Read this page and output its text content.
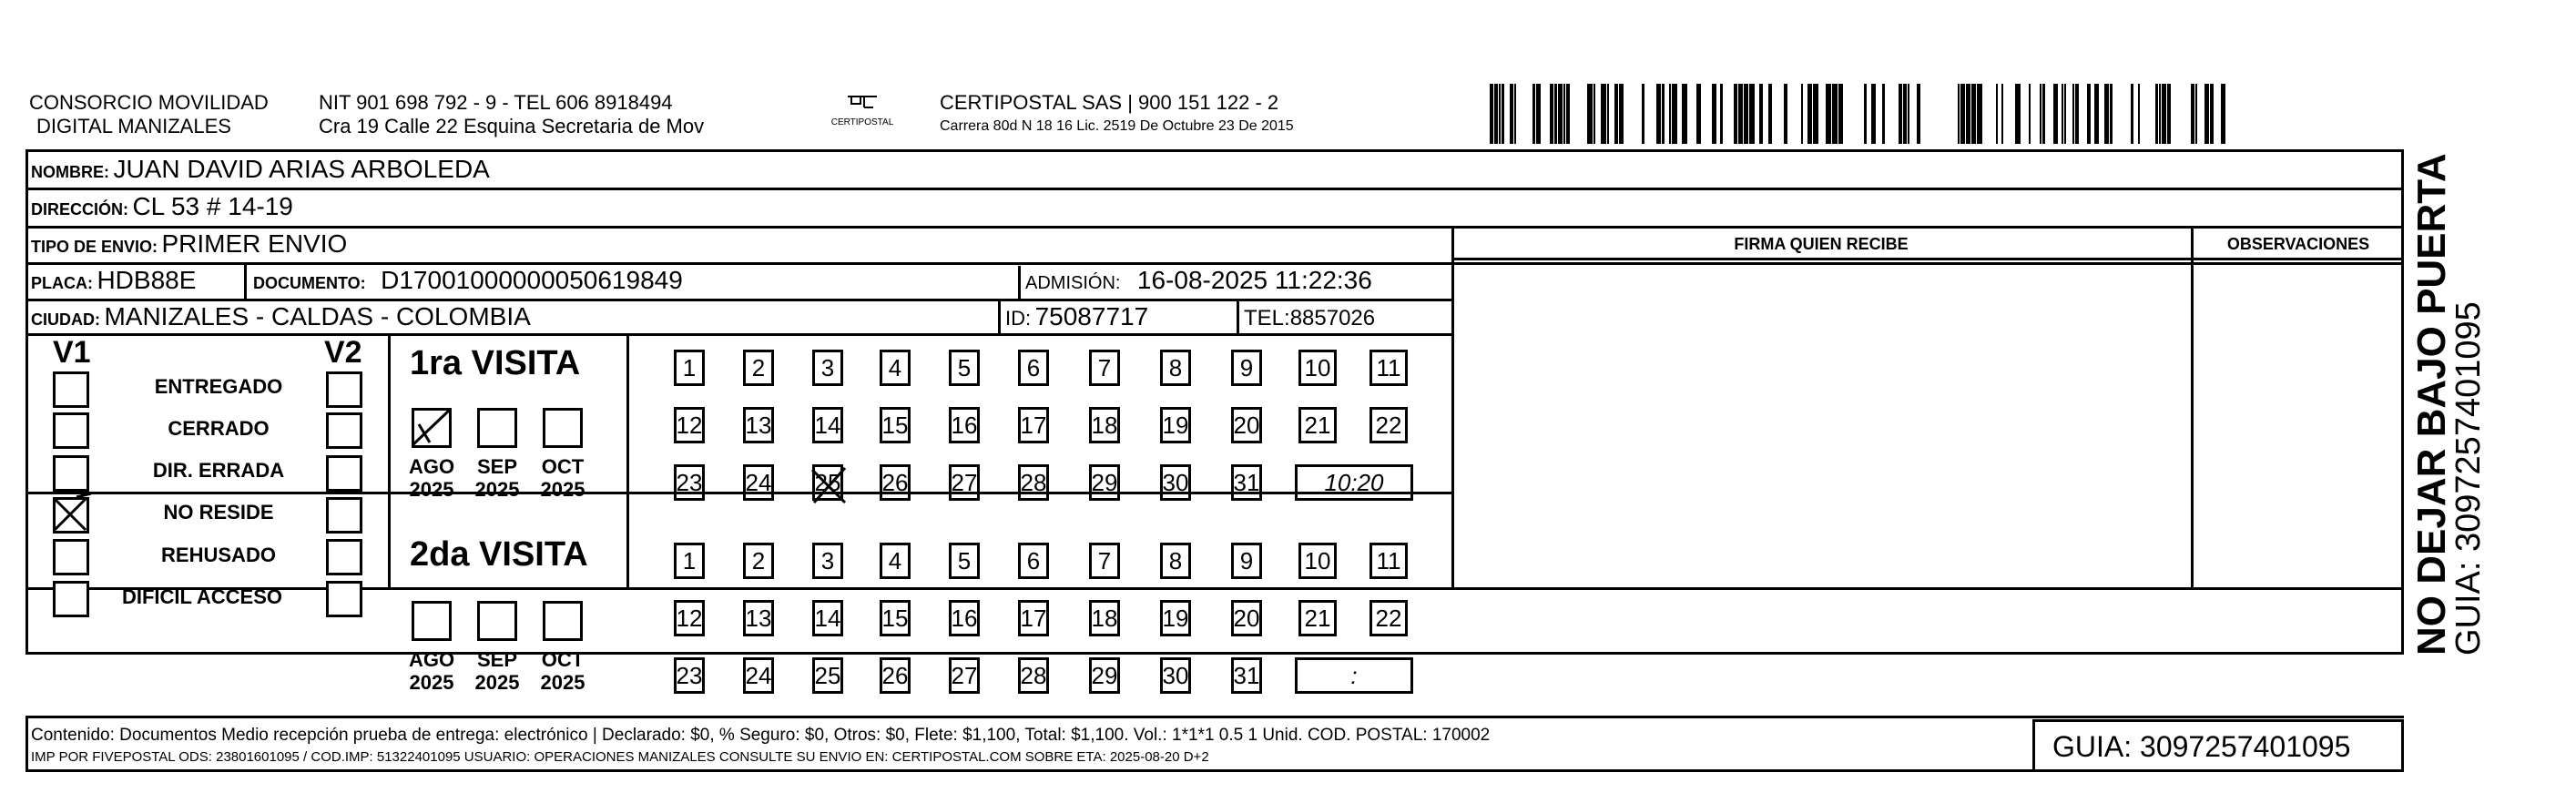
CONSORCIO MOVILIDAD
DIGITAL MANIZALES
NIT 901 698 792 - 9 - TEL 606 8918494
Cra 19 Calle 22 Esquina Secretaria de Mov	CERTIPOSTAL
CERTIPOSTAL SAS | 900 151 122 - 2
Carrera 80d N 18 16 Lic. 2519 De Octubre 23 De 2015
NOMBRE: JUAN DAVID ARIAS ARBOLEDA
DIRECCIÓN: CL 53 # 14-19
TIPO DE ENVIO: PRIMER ENVIO	FIRMA QUIEN RECIBE	OBSERVACIONES
PLACA: HDB88E	DOCUMENTO: D170010000000506198​49	ADMISIÓN: 16-08-2025 11:22:36
CIUDAD: MANIZALES - CALDAS - COLOMBIA	ID: 75087717	TEL:8857026
V1	V2
ENTREGADO
CERRADO
DIR. ERRADA
NO RESIDE
REHUSADO
DIFICIL ACCESO
1ra VISITA
AGO
2025
SEP
2025
OCT
2025
2da VISITA
AGO
2025
SEP
2025
OCT
2025
1 2 3 4 5 6 7 8 9 10 11
12 13 14 15 16 17 18 19 20 21 22
23 24 25 26 27 28 29 30 31	10:20
1 2 3 4 5 6 7 8 9 10 11
12 13 14 15 16 17 18 19 20 21 22
23 24 25 26 27 28 29 30 31	:
Contenido: Documentos Medio recepción prueba de entrega: electrónico | Declarado: $0, % Seguro: $0, Otros: $0, Flete: $1,100, Total: $1,100. Vol.: 1*1*1 0.5 1 Unid. COD. POSTAL: 170002
IMP POR FIVEPOSTAL ODS: 23801601095 / COD.IMP: 51322401095 USUARIO: OPERACIONES MANIZALES CONSULTE SU ENVIO EN: CERTIPOSTAL.COM SOBRE ETA: 2025-08-20 D+2	GUIA: 3097257401095
NO DEJAR BAJO PUERTA
GUIA: 3097257401095
